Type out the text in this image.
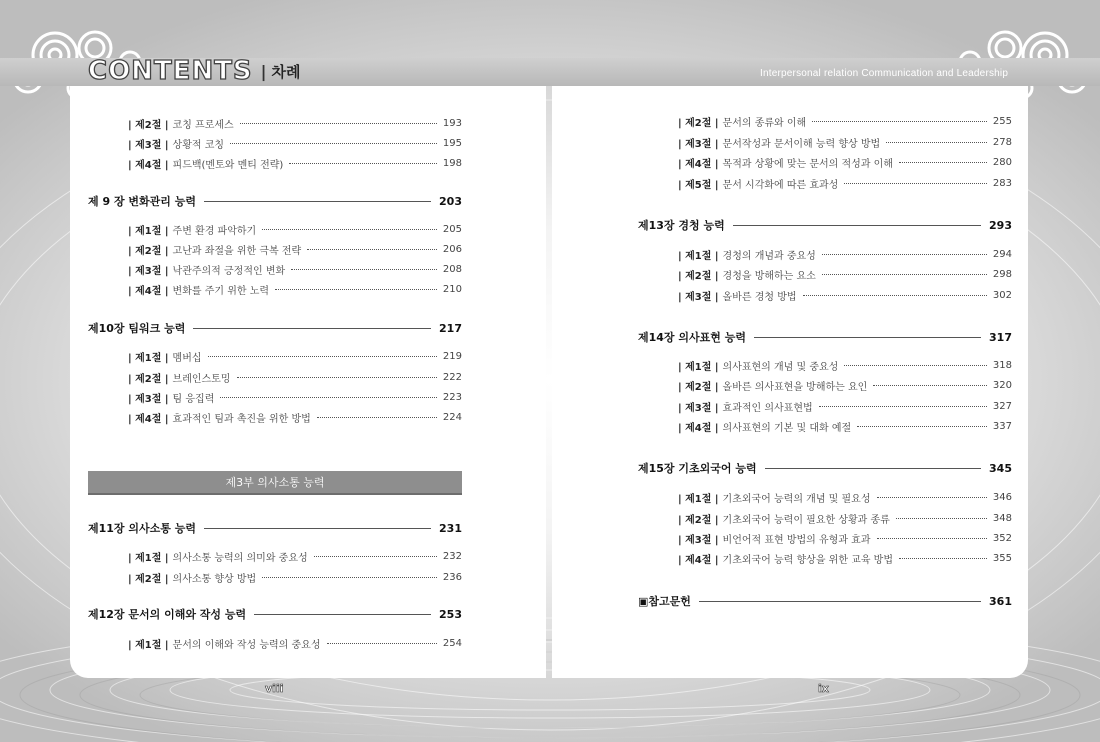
CONTENTS | 차례	Interpersonal relation Communication and Leadership
| 제2절 | 코칭 프로세스	193
| 제3절 | 상황적 코칭	195
| 제4절 | 피드백(멘토와 멘티 전략)	198
제 9 장 변화관리 능력	203
| 제1절 | 주변 환경 파악하기	205
| 제2절 | 고난과 좌절을 위한 극복 전략	206
| 제3절 | 낙관주의적 긍정적인 변화	208
| 제4절 | 변화를 주기 위한 노력	210
제10장 팀워크 능력	217
| 제1절 | 멤버십	219
| 제2절 | 브레인스토밍	222
| 제3절 | 팀 응집력	223
| 제4절 | 효과적인 팀과 촉진을 위한 방법	224
제3부 의사소통 능력
제11장 의사소통 능력	231
| 제1절 | 의사소통 능력의 의미와 중요성	232
| 제2절 | 의사소통 향상 방법	236
제12장 문서의 이해와 작성 능력	253
| 제1절 | 문서의 이해와 작성 능력의 중요성	254
| 제2절 | 문서의 종류와 이해	255
| 제3절 | 문서작성과 문서이해 능력 향상 방법	278
| 제4절 | 목적과 상황에 맞는 문서의 적성과 이해	280
| 제5절 | 문서 시각화에 따른 효과성	283
제13장 경청 능력	293
| 제1절 | 경청의 개념과 중요성	294
| 제2절 | 경청을 방해하는 요소	298
| 제3절 | 올바른 경청 방법	302
제14장 의사표현 능력	317
| 제1절 | 의사표현의 개념 및 중요성	318
| 제2절 | 올바른 의사표현을 방해하는 요인	320
| 제3절 | 효과적인 의사표현법	327
| 제4절 | 의사표현의 기본 및 대화 예절	337
제15장 기초외국어 능력	345
| 제1절 | 기초외국어 능력의 개념 및 필요성	346
| 제2절 | 기초외국어 능력이 필요한 상황과 종류	348
| 제3절 | 비언어적 표현 방법의 유형과 효과	352
| 제4절 | 기초외국어 능력 향상을 위한 교육 방법	355
▣참고문헌	361
viii	ix
